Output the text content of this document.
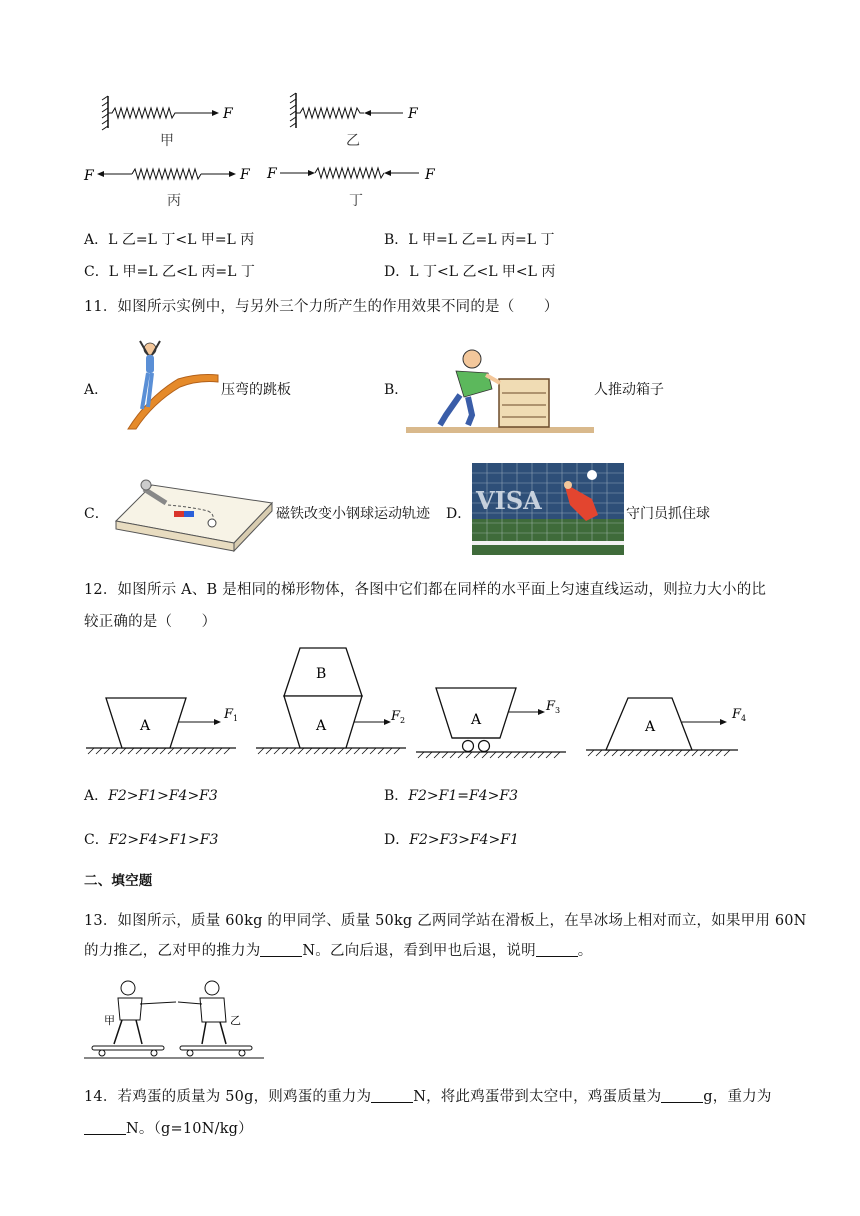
F	F
F	F F	F
甲	乙
丙	丁
A．L 乙=L 丁<L 甲=L 丙	B．L 甲=L 乙=L 丙=L 丁
C．L 甲=L 乙<L 丙=L 丁	D．L 丁<L 乙<L 甲<L 丙
11．如图所示实例中，与另外三个力所产生的作用效果不同的是（　　）
A．	压弯的跳板	B．	人推动箱子
C．	磁铁改变小钢球运动轨迹 D． VISA	守门员抓住球
12．如图所示 A、B 是相同的梯形物体，各图中它们都在同样的水平面上匀速直线运动，则拉力大小的比
较正确的是（　　）
A
F 1
B
A
F 2	A
F 3
A
F 4
A．F2>F1>F4>F3	B．F2>F1=F4>F3
C．F2>F4>F1>F3	D．F2>F3>F4>F1
二、填空题
13．如图所示，质量 60kg 的甲同学、质量 50kg 乙两同学站在滑板上，在旱冰场上相对而立，如果甲用 60N
的力推乙，乙对甲的推力为	N。乙向后退，看到甲也后退，说明	。
甲	乙
14．若鸡蛋的质量为 50g，则鸡蛋的重力为	N，将此鸡蛋带到太空中，鸡蛋质量为	g，重力为
N。（g=10N/kg）
